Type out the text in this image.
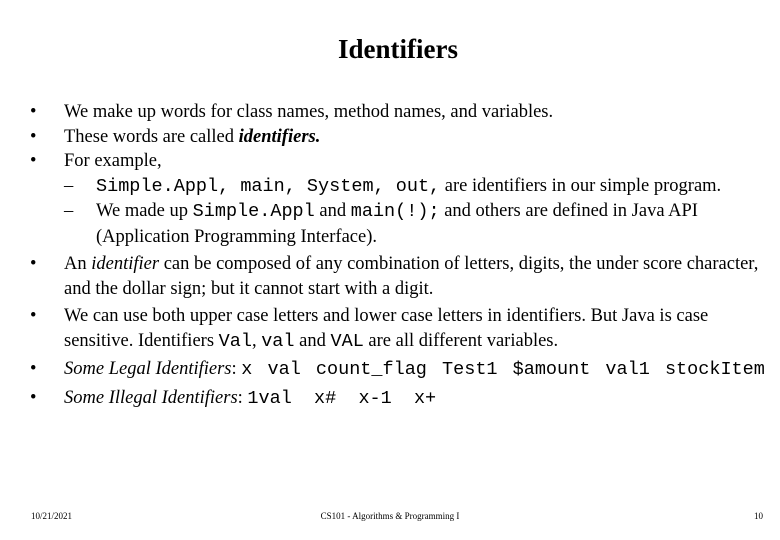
Identifiers
• We make up words for class names, method names, and variables.
• These words are called identifiers.
• For example,
– Simple.Appl, main, System, out, are identifiers in our simple program.
– We made up Simple.Appl and main(!); and others are defined in Java API (Application Programming Interface).
• An identifier can be composed of any combination of letters, digits, the under score character, and the dollar sign; but it cannot start with a digit.
• We can use both upper case letters and lower case letters in identifiers. But Java is case sensitive. Identifiers Val, val and VAL are all different variables.
• Some Legal Identifiers: x val count_flag Test1 $amount val1 stockItem
• Some Illegal Identifiers: 1val  x#  x-1  x+
10/21/2021	CS101 - Algorithms & Programming I	10
